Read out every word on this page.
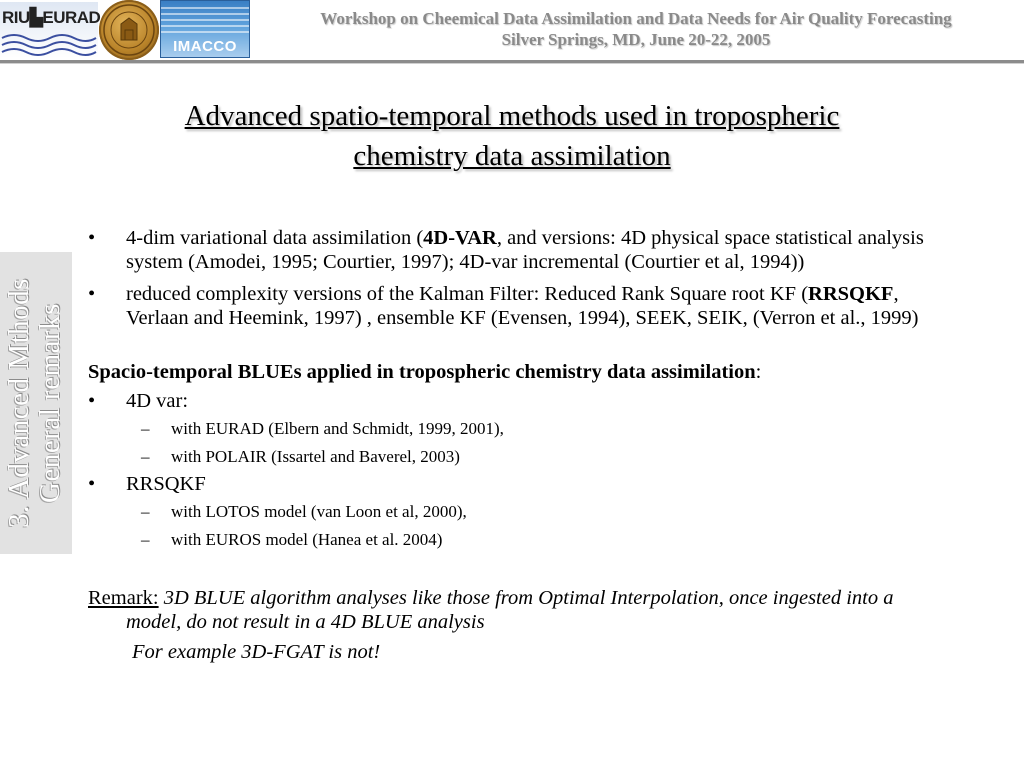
RIU▙EURAD
IMACCO
Workshop on Cheemical Data Assimilation and Data Needs for Air Quality Forecasting
Silver Springs, MD, June 20-22, 2005
Advanced spatio-temporal methods used in tropospheric
chemistry data assimilation
3. Advanced Mthods General remarks
• 4-dim variational data assimilation (4D-VAR, and versions: 4D physical space statistical analysis system (Amodei, 1995; Courtier, 1997); 4D-var incremental (Courtier et al, 1994))
• reduced complexity versions of the Kalman Filter: Reduced Rank Square root KF (RRSQKF, Verlaan and Heemink, 1997) , ensemble KF (Evensen, 1994), SEEK, SEIK, (Verron et al., 1999)
Spacio-temporal BLUEs applied in tropospheric chemistry data assimilation:
• 4D var:
– with EURAD (Elbern and Schmidt, 1999, 2001),
– with POLAIR (Issartel and Baverel, 2003)
• RRSQKF
– with LOTOS model (van Loon et al, 2000),
– with EUROS model (Hanea et al. 2004)
Remark: 3D BLUE algorithm analyses like those from Optimal Interpolation, once ingested into a model, do not result in a 4D BLUE analysis
For example 3D-FGAT is not!
